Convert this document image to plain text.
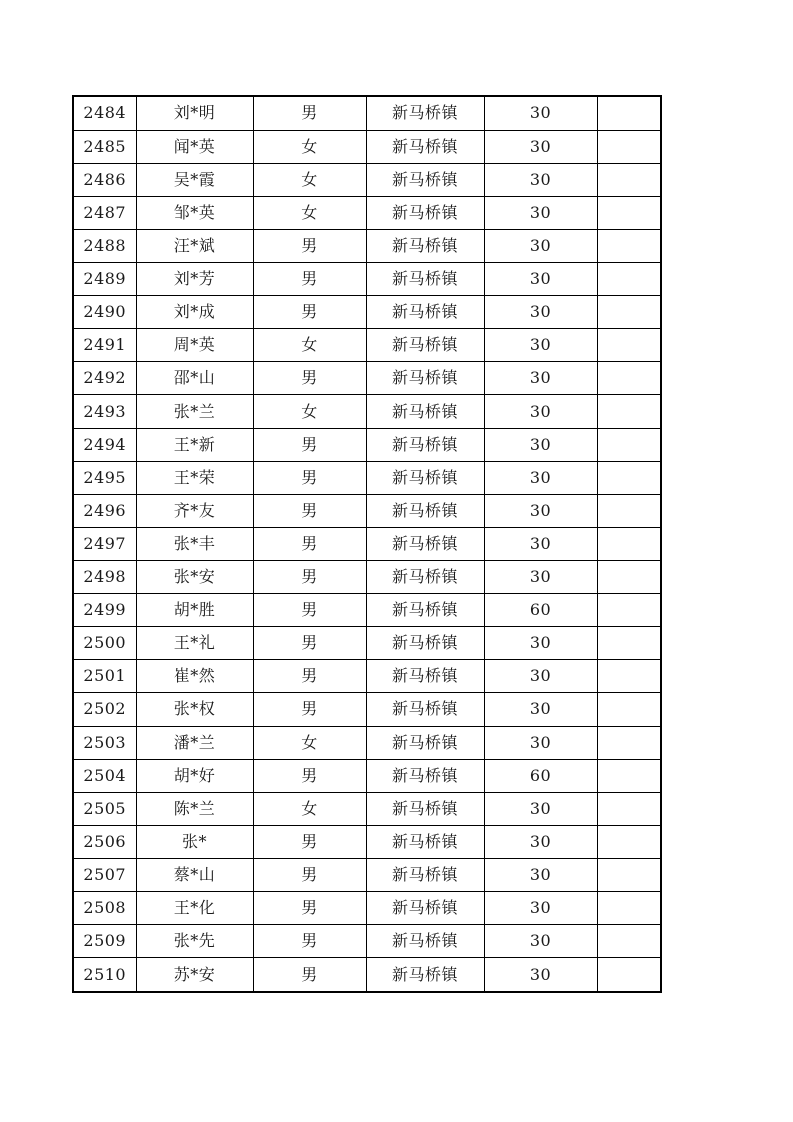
2484	刘*明	男	新马桥镇	30	
2485	闻*英	女	新马桥镇	30	
2486	吴*霞	女	新马桥镇	30	
2487	邹*英	女	新马桥镇	30	
2488	汪*斌	男	新马桥镇	30	
2489	刘*芳	男	新马桥镇	30	
2490	刘*成	男	新马桥镇	30	
2491	周*英	女	新马桥镇	30	
2492	邵*山	男	新马桥镇	30	
2493	张*兰	女	新马桥镇	30	
2494	王*新	男	新马桥镇	30	
2495	王*荣	男	新马桥镇	30	
2496	齐*友	男	新马桥镇	30	
2497	张*丰	男	新马桥镇	30	
2498	张*安	男	新马桥镇	30	
2499	胡*胜	男	新马桥镇	60	
2500	王*礼	男	新马桥镇	30	
2501	崔*然	男	新马桥镇	30	
2502	张*权	男	新马桥镇	30	
2503	潘*兰	女	新马桥镇	30	
2504	胡*好	男	新马桥镇	60	
2505	陈*兰	女	新马桥镇	30	
2506	张*	男	新马桥镇	30	
2507	蔡*山	男	新马桥镇	30	
2508	王*化	男	新马桥镇	30	
2509	张*先	男	新马桥镇	30	
2510	苏*安	男	新马桥镇	30	
